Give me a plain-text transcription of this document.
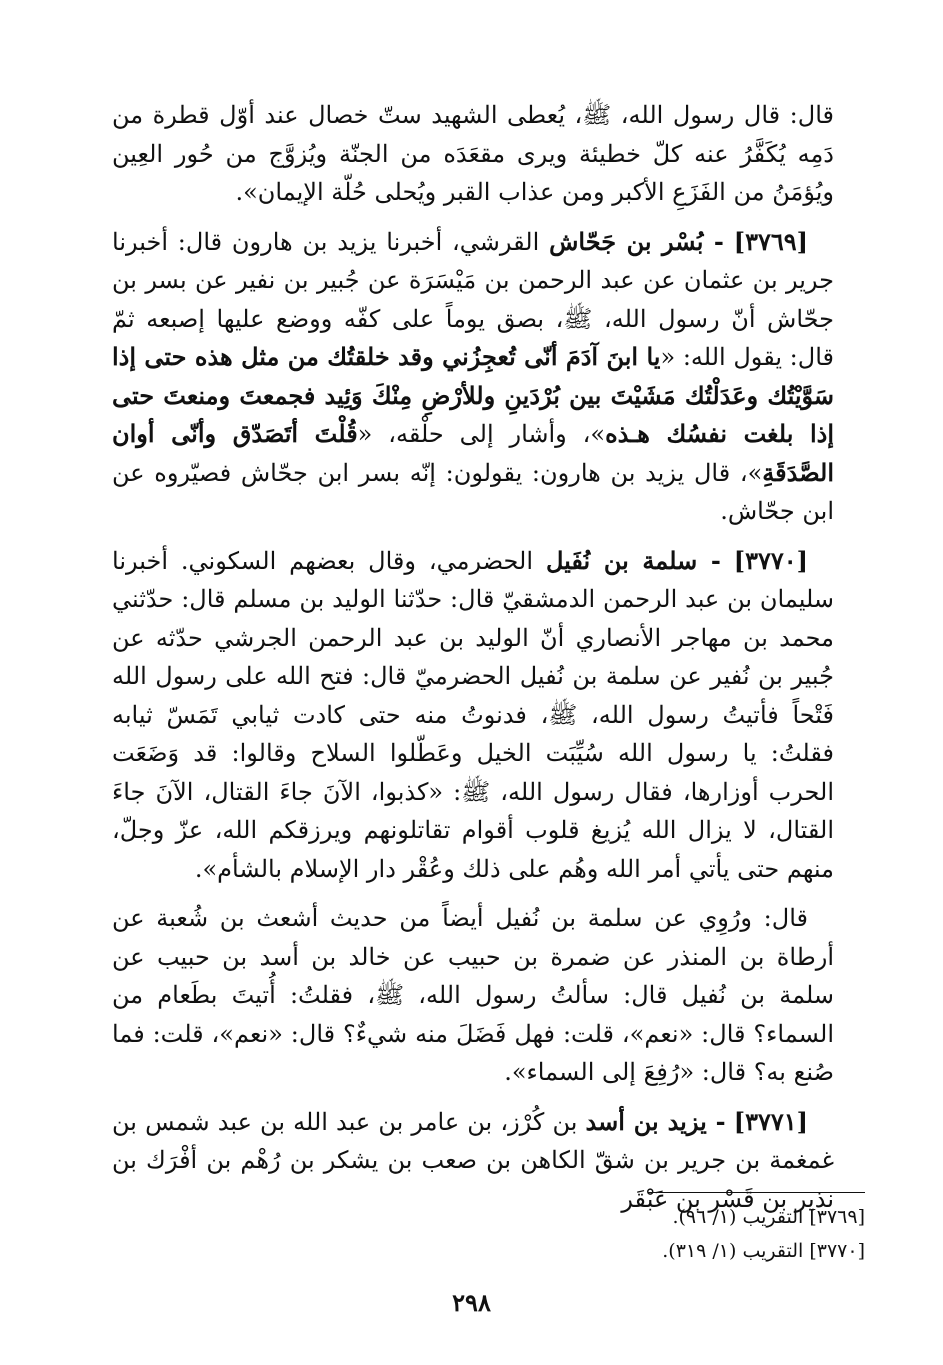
قال: قال رسول الله، ﷺ، يُعطى الشهيد ستّ خصال عند أوّل قطرة من دَمِه يُكَفَّرُ عنه كلّ خطيئة ويرى مقعَدَه من الجنّة ويُزوَّج من حُور العِين ويُؤمَنُ من الفَزَعِ الأكبر ومن عذاب القبر ويُحلى حُلّة الإيمان».

[٣٧٦٩] - بُسْر بن جَحّاش القرشي، أخبرنا يزيد بن هارون قال: أخبرنا جرير بن عثمان عن عبد الرحمن بن مَيْسَرَة عن جُبير بن نفير عن بسر بن جحّاش أنّ رسول الله، ﷺ، بصق يوماً على كفّه ووضع عليها إصبعه ثمّ قال: يقول الله: «يا ابنَ آدَمَ أنّى تُعجِزُني وقد خلقتُك من مثل هذه حتى إذا سَوَّيْتُك وعَدَلْتُك مَشَيْتَ بين بُرْدَينِ وللأرْضِ مِنْكَ وَئِيد فجمعتَ ومنعتَ حتى إذا بلغت نفسُك هـذه»، وأشار إلى حلْقه، «قُلْتَ أتَصَدّق وأنّى أوان الصَّدَقَةِ»، قال يزيد بن هارون: يقولون: إنّه بسر ابن جحّاش فصيّروه عن ابن جحّاش.

[٣٧٧٠] - سلمة بن نُفَيل الحضرمي، وقال بعضهم السكوني. أخبرنا سليمان بن عبد الرحمن الدمشقيّ قال: حدّثنا الوليد بن مسلم قال: حدّثني محمد بن مهاجر الأنصاري أنّ الوليد بن عبد الرحمن الجرشي حدّثه عن جُبير بن نُفير عن سلمة بن نُفيل الحضرميّ قال: فتح الله على رسول الله فَتْحاً فأتيتُ رسول الله، ﷺ، فدنوتُ منه حتى كادت ثيابي تَمَسّ ثيابه فقلتُ: يا رسول الله سُيِّبَت الخيل وعَطّلوا السلاح وقالوا: قد وَضَعَت الحرب أوزارها، فقال رسول الله، ﷺ: «كذبوا، الآنَ جاءَ القتال، الآنَ جاءَ القتال، لا يزال الله يُزيغ قلوب أقوام تقاتلونهم ويرزقكم الله، عزّ وجلّ، منهم حتى يأتي أمر الله وهُم على ذلك وعُقْر دار الإسلام بالشأم».

قال: ورُوِي عن سلمة بن نُفيل أيضاً من حديث أشعث بن شُعبة عن أرطاة بن المنذر عن ضمرة بن حبيب عن خالد بن أسد بن حبيب عن سلمة بن نُفيل قال: سألتُ رسول الله، ﷺ، فقلتُ: أُتيتَ بطَعام من السماء؟ قال: «نعم»، قلت: فهل فَضَلَ منه شيءٌ؟ قال: «نعم»، قلت: فما صُنع به؟ قال: «رُفِعَ إلى السماء».

[٣٧٧١] - يزيد بن أسد بن كُرْز، بن عامر بن عبد الله بن عبد شمس بن غمغمة بن جرير بن شقّ الكاهن بن صعب بن يشكر بن رُهْم بن أفْرَك بن نذير بن قَسْر بن عَبْقَر

[٣٧٦٩] التقريب (١/ ٩٦).

[٣٧٧٠] التقريب (١/ ٣١٩).

٢٩٨
